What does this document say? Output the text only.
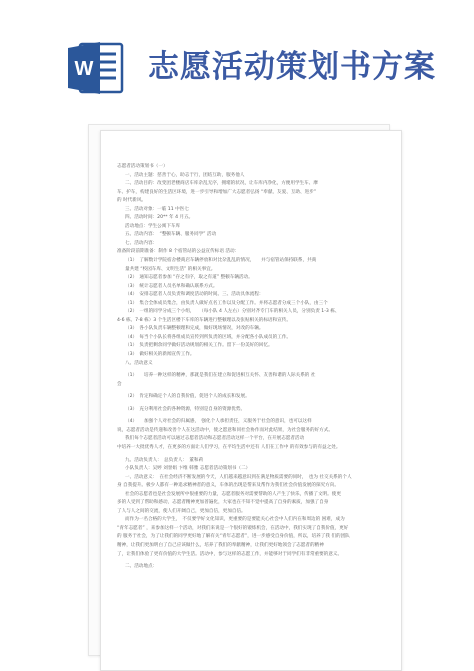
W 志愿活动策划书方案
志愿者活动策划书（一）
一、活动主题：慈善于心，助志于行，团结互助，服务他人
二、活动目的：改变团老楼商店车库杂乱无序，拥堵的状况，让车库内净化，方便用学生车、摩
车、护车，构建良好的生活区环境，进一步引导和增加广大志愿者弘扬 “奉献、友爱、互助、进步”
的 时代新风。
三、活动对象：一临 11 中医七
四、活动时间：20** 年 4 月五。
活动地点：学生公寓下车库
五、活动内容：　“整顿车辆、服务同学” 活动
七、活动内容：
准备阶段前期准备：制作 8 个宿管站的公益宣传标语 活动：
（1）　了解数计学院宿舍楼商店车辆停放和对比杂乱乱的情况，　　并与宿管站保持联系，共商
量共建 “校园车库、文明生活” 的相关事宜。
（2）　通知志愿者参加 “存之有序，取之有道” 整顿车辆活动。
（3）　统计志愿者人员名单和确认联系方式。
（4）　安排志愿者人员负责和调度活动的时间。三、活动具体流程：
（1）　集合全体成员集合，由负责人做好点名工作以及分配工作。并将志愿者分成三个小队，由三个
（2）　一组的同学分成三个小组，　　（每小队 4 人左右）分别对齐专门车的相关人员，分别负责 1-3 栋、
4-6 栋、7-8 栋）3 个生活区楼下车库的车辆进行整顿理以及张贴相关的标语和宣传。
（3）　各小队负责车辆整顿理和完成，做好现场情况，对改的车辆。
（4）　每当个小队长将各组成员宣传到所负责的区域，并分配各小队成员的工作。
（1）　负责把剩余同学做好活动规划的相关工作。留下一份美好的回忆。
（3）　做好相关的新闻宣传工作。
八、活动意义
（1）　　培养一种这样的精神，那就是我们在建立和促进相互关怀、友善和谐的人际关系的 社
会
（2）　肯定和确定个人的自我价值，促进个人的成长和发展。
（3）　充分利用社会的各种资源，特别是自身的资源优势。
（4）　　加强个人对社会的归属感，　强化个人承担责任，义服务于社会的意识，也可以这样
说，志愿者活动是传递和改善个人在这活动中，使之愿意和同社会协作而对此结果，为社会服务的好方式。
我们每个志愿者活动可以通过志愿者活动和志愿者活动这样一个平台，在开展志愿者活动
中培养一大批优秀人才，在更多的方面让人们学习，在平均生活中还有 人们在工作中 的有效参与的有益之处。
九、活动负责人：　总负责人：　董和莉
小队负责人：吴婷 刘誉娟 卞维 韩雅 志愿者活动策划书（二）
一、活动意义：　在社会经济不断发展的今天，人们越来越意识到在满足物质需要的同时，　也为 社交关系的个人
身 自我提升。极少人都有一种追求精神者的意义，车体的出现是帮来及帮作为我们社会价值发展的探究方向。
社会的志愿者也是社会发展所中很重要的力量，志愿者服务对需要帮助的人产生了快乐，传播了文明。使更
多的人受到了帮助和感动，志愿者精神更加普遍化，大家也在不知不觉中提高了自身的素质，加强了自身
了人与人之间的交流，使人们开阔自己，更加自信，更加自信。
而作为一名合格的大学生，　不仅要学好文化知识，更重要的是要能关心社会中人们内在和周边的 困难，成为
“青年志愿者” ，来参加这样一个活动，对我们来说是一个很好的锻炼机会，在活动中，我们实现了自我价值，更好
的 服务于社会，为了让我们的同学更好地了解有关“青年志愿者”，进一步感受自身价值，所以，培养了我 们的团队
精神，让我们更加明白了自己应该做什么，培养了我们的奉献精神，让我们更好地领会了志愿者的精神
了，让我们体验了更有价值的大学生活。活动中，参与这样的志愿工作，并能够对于同学们有非常重要的意义。
二、活动地点：
